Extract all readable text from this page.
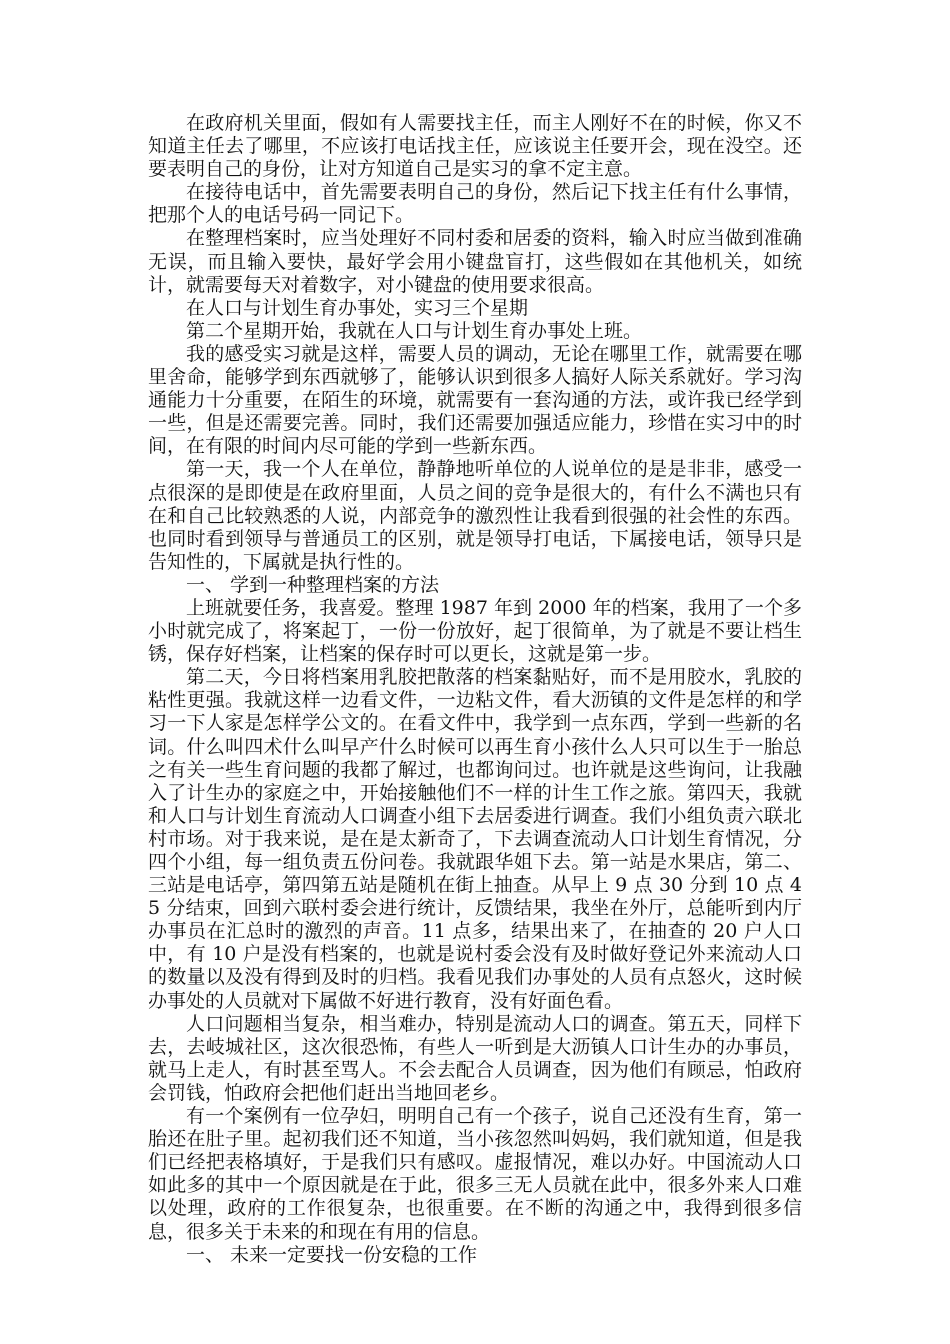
在政府机关里面，假如有人需要找主任，而主人刚好不在的时候，你又不知道主任去了哪里，不应该打电话找主任，应该说主任要开会，现在没空。还要表明自己的身份，让对方知道自己是实习的拿不定主意。

在接待电话中，首先需要表明自己的身份，然后记下找主任有什么事情，把那个人的电话号码一同记下。

在整理档案时，应当处理好不同村委和居委的资料，输入时应当做到准确无误，而且输入要快，最好学会用小键盘盲打，这些假如在其他机关，如统计，就需要每天对着数字，对小键盘的使用要求很高。

在人口与计划生育办事处，实习三个星期

第二个星期开始，我就在人口与计划生育办事处上班。

我的感受实习就是这样，需要人员的调动，无论在哪里工作，就需要在哪里舍命，能够学到东西就够了，能够认识到很多人搞好人际关系就好。学习沟通能力十分重要，在陌生的环境，就需要有一套沟通的方法，或许我已经学到一些，但是还需要完善。同时，我们还需要加强适应能力，珍惜在实习中的时间，在有限的时间内尽可能的学到一些新东西。

第一天，我一个人在单位，静静地听单位的人说单位的是是非非，感受一点很深的是即使是在政府里面，人员之间的竞争是很大的，有什么不满也只有在和自己比较熟悉的人说，内部竞争的激烈性让我看到很强的社会性的东西。也同时看到领导与普通员工的区别，就是领导打电话，下属接电话，领导只是告知性的，下属就是执行性的。

一、 学到一种整理档案的方法

上班就要任务，我喜爱。整理 1987 年到 2000 年的档案，我用了一个多小时就完成了，将案起丁，一份一份放好，起丁很简单，为了就是不要让档生锈，保存好档案，让档案的保存时可以更长，这就是第一步。

第二天，今日将档案用乳胶把散落的档案黏贴好，而不是用胶水，乳胶的粘性更强。我就这样一边看文件，一边粘文件，看大沥镇的文件是怎样的和学习一下人家是怎样学公文的。在看文件中，我学到一点东西，学到一些新的名词。什么叫四术什么叫早产什么时候可以再生育小孩什么人只可以生于一胎总之有关一些生育问题的我都了解过，也都询问过。也许就是这些询问，让我融入了计生办的家庭之中，开始接触他们不一样的计生工作之旅。第四天，我就和人口与计划生育流动人口调查小组下去居委进行调查。我们小组负责六联北村市场。对于我来说，是在是太新奇了，下去调查流动人口计划生育情况，分四个小组，每一组负责五份问卷。我就跟华姐下去。第一站是水果店，第二、三站是电话亭，第四第五站是随机在街上抽查。从早上 9 点 30 分到 10 点 45 分结束，回到六联村委会进行统计，反馈结果，我坐在外厅，总能听到内厅办事员在汇总时的激烈的声音。11 点多，结果出来了，在抽查的 20 户人口中，有 10 户是没有档案的，也就是说村委会没有及时做好登记外来流动人口的数量以及没有得到及时的归档。我看见我们办事处的人员有点怒火，这时候办事处的人员就对下属做不好进行教育，没有好面色看。

人口问题相当复杂，相当难办，特别是流动人口的调查。第五天，同样下去，去岐城社区，这次很恐怖，有些人一听到是大沥镇人口计生办的办事员，就马上走人，有时甚至骂人。不会去配合人员调查，因为他们有顾忌，怕政府会罚钱，怕政府会把他们赶出当地回老乡。

有一个案例有一位孕妇，明明自己有一个孩子，说自己还没有生育，第一胎还在肚子里。起初我们还不知道，当小孩忽然叫妈妈，我们就知道，但是我们已经把表格填好，于是我们只有感叹。虚报情况，难以办好。中国流动人口如此多的其中一个原因就是在于此，很多三无人员就在此中，很多外来人口难以处理，政府的工作很复杂，也很重要。在不断的沟通之中，我得到很多信息，很多关于未来的和现在有用的信息。

一、 未来一定要找一份安稳的工作
